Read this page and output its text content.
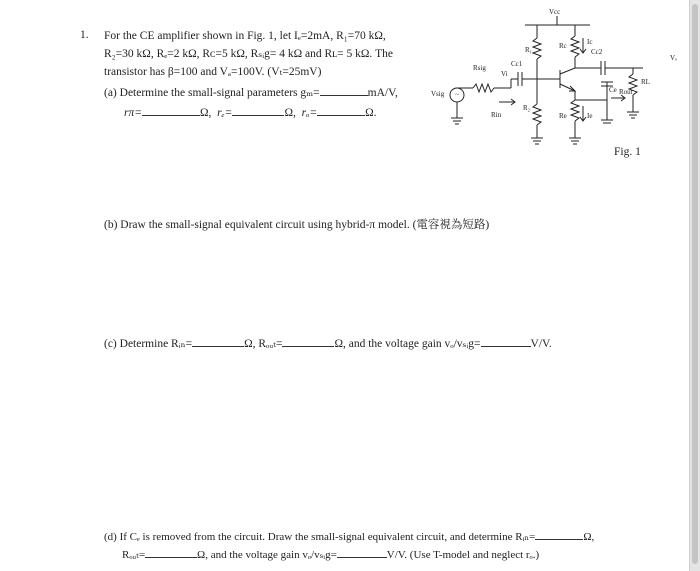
1. For the CE amplifier shown in Fig. 1, let Iₑ=2mA, R₁=70 kΩ,
R₂=30 kΩ, Rₑ=2 kΩ, Rᴄ=5 kΩ, Rₛᵢg= 4 kΩ and Rʟ= 5 kΩ. The
transistor has β=100 and Vₐ=100V. (Vₜ=25mV)
(a) Determine the small-signal parameters gₘ=	mA/V,
rπ=	Ω, rₑ=	Ω, rₒ=	Ω.
~
Vcc
R₁	Rc	Ic
Cc2
Vₒ
Rsig	Cc1
Vi
Vsig
Rin
R₂
Re	Ie
Ce Rout
RL
Fig. 1
(b) Draw the small-signal equivalent circuit using hybrid-π model. (電容視為短路)
(c) Determine Rᵢₙ=	Ω, Rₒᵤₜ=	Ω, and the voltage gain vₒ/vₛᵢg=	V/V.
(d) If Cₑ is removed from the circuit. Draw the small-signal equivalent circuit, and determine Rᵢₙ=	Ω,
Rₒᵤₜ=	Ω, and the voltage gain vₒ/vₛᵢg=	V/V. (Use T-model and neglect rₒ.)
